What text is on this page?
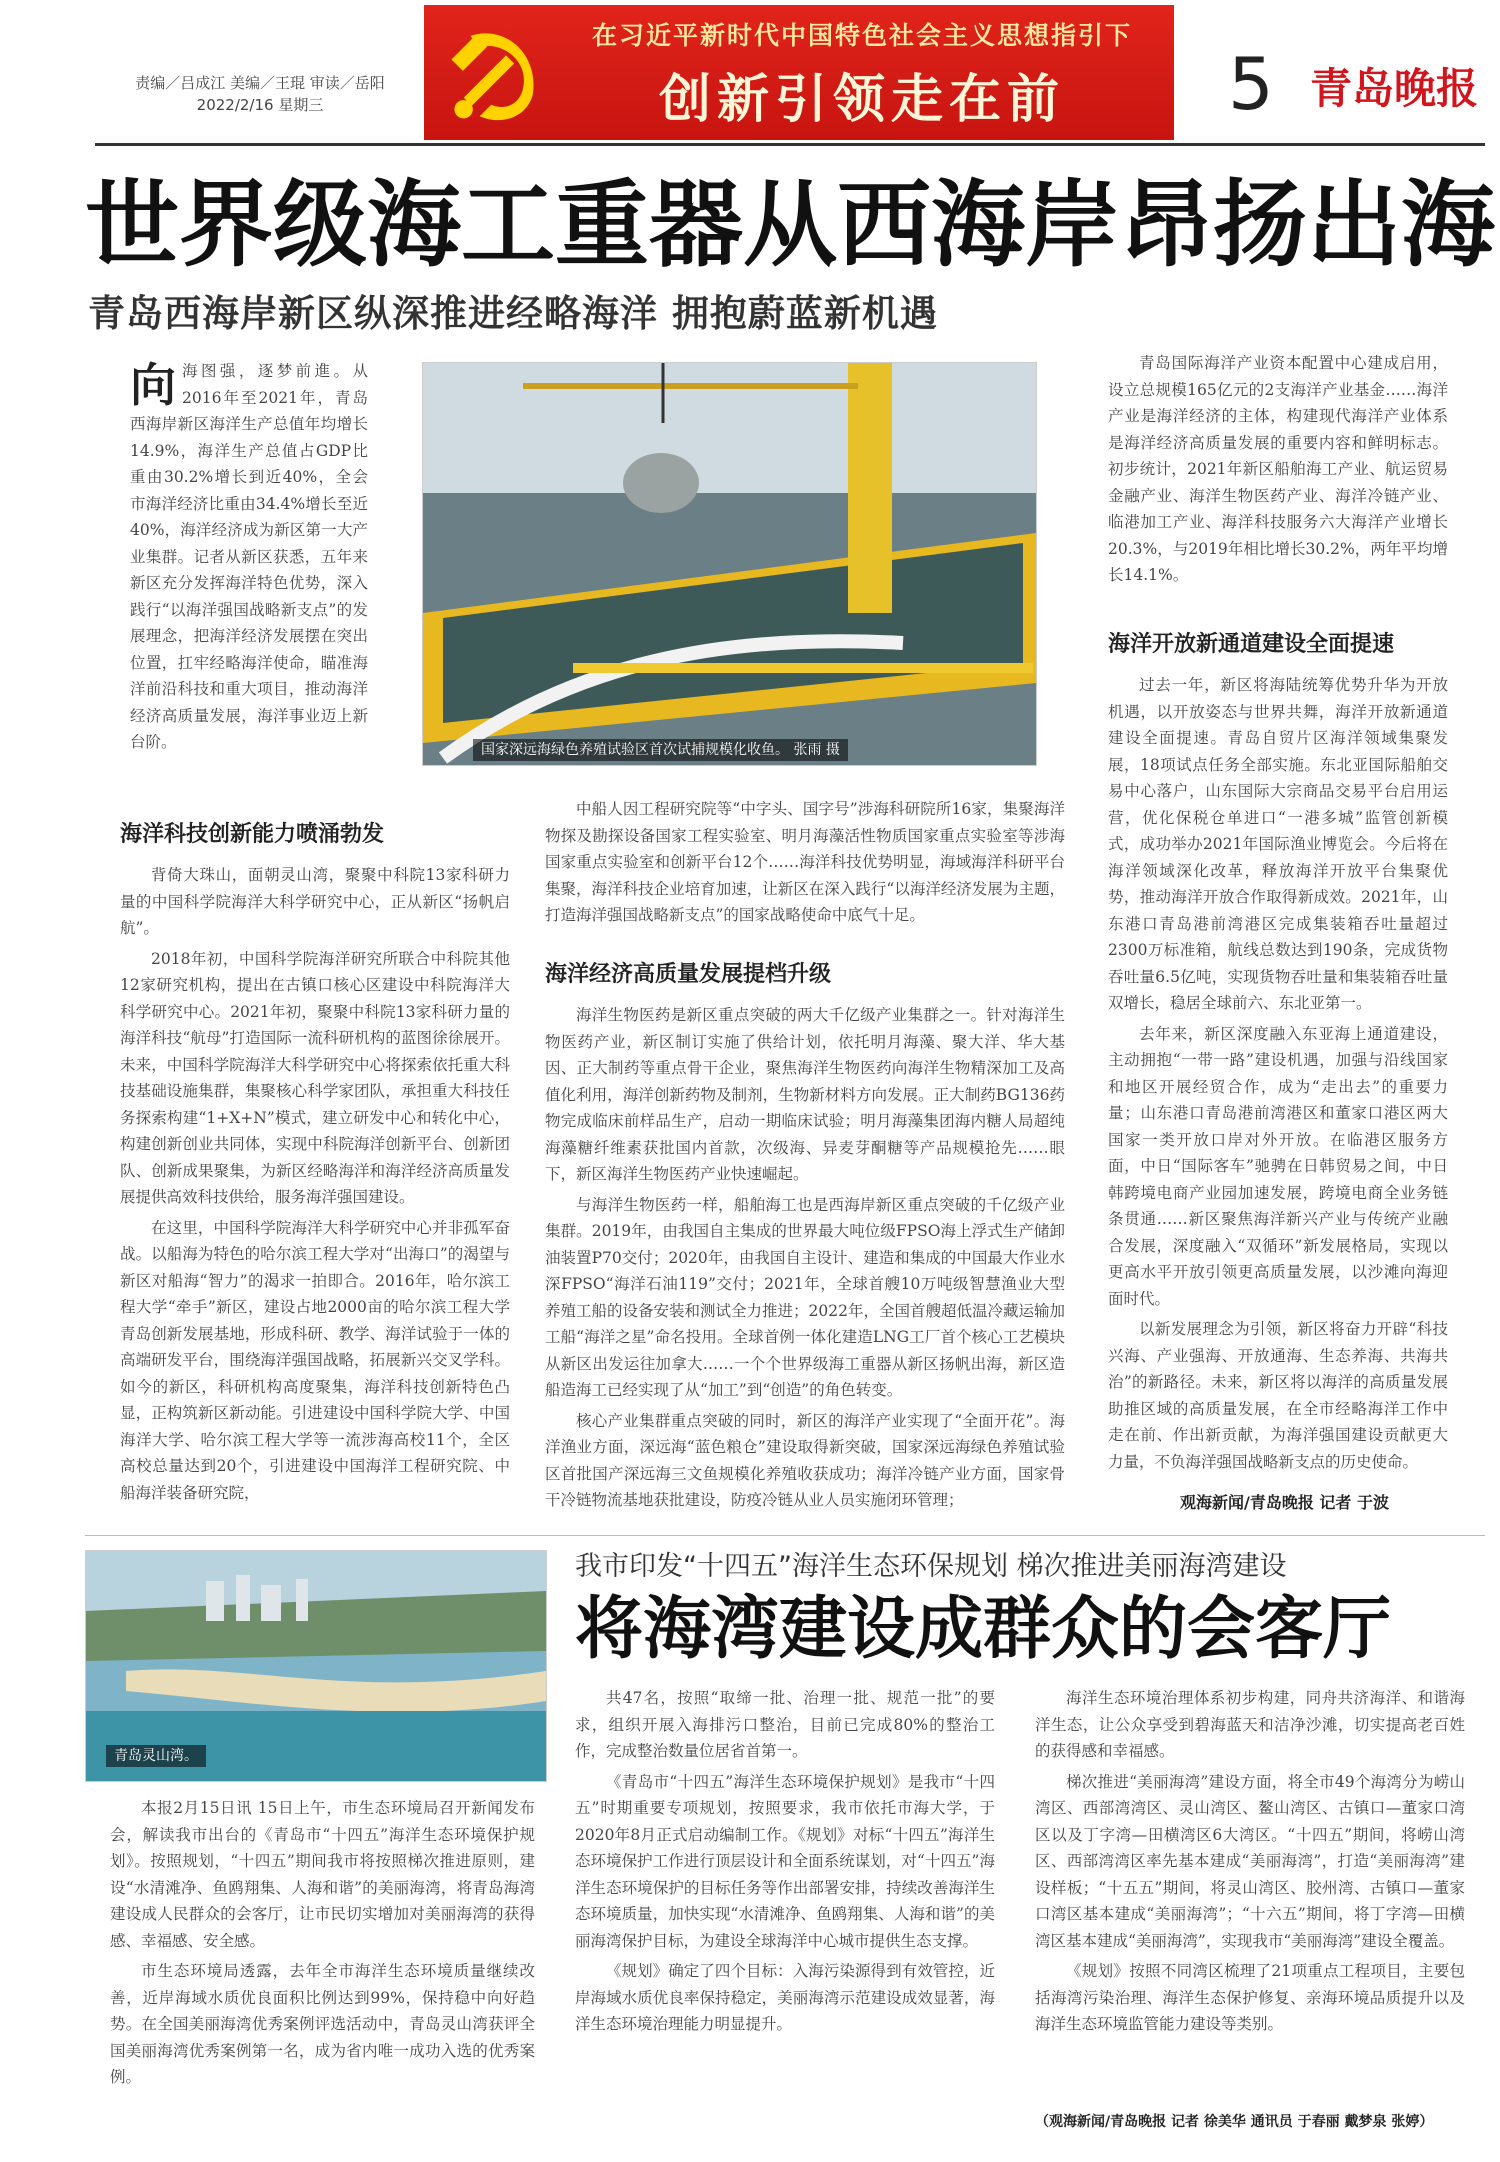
责编／吕成江 美编／王琨 审读／岳阳
2022/2/16 星期三
在习近平新时代中国特色社会主义思想指引下
创新引领走在前	5 青岛晚报
世界级海工重器从西海岸昂扬出海
青岛西海岸新区纵深推进经略海洋 拥抱蔚蓝新机遇
向海图强，逐梦前進。从2016年至2021年，青岛西海岸新区海洋生产总值年均增长14.9%，海洋生产总值占GDP比重由30.2%增长到近40%，全会市海洋经济比重由34.4%增长至近40%，海洋经济成为新区第一大产业集群。记者从新区获悉，五年来新区充分发挥海洋特色优势，深入践行“以海洋强国战略新支点”的发展理念，把海洋经济发展摆在突出位置，扛牢经略海洋使命，瞄准海洋前沿科技和重大项目，推动海洋经济高质量发展，海洋事业迈上新台阶。	国家深远海绿色养殖试验区首次试捕规模化收鱼。 张雨 摄
海洋科技创新能力喷涌勃发

背倚大珠山，面朝灵山湾，聚聚中科院13家科研力量的中国科学院海洋大科学研究中心，正从新区“扬帆启航”。

2018年初，中国科学院海洋研究所联合中科院其他12家研究机构，提出在古镇口核心区建设中科院海洋大科学研究中心。2021年初，聚聚中科院13家科研力量的海洋科技“航母”打造国际一流科研机构的蓝图徐徐展开。未来，中国科学院海洋大科学研究中心将探索依托重大科技基础设施集群，集聚核心科学家团队，承担重大科技任务探索构建“1+X+N”模式，建立研发中心和转化中心，构建创新创业共同体，实现中科院海洋创新平台、创新团队、创新成果聚集，为新区经略海洋和海洋经济高质量发展提供高效科技供给，服务海洋强国建设。

在这里，中国科学院海洋大科学研究中心并非孤军奋战。以船海为特色的哈尔滨工程大学对“出海口”的渴望与新区对船海“智力”的渴求一拍即合。2016年，哈尔滨工程大学“牵手”新区，建设占地2000亩的哈尔滨工程大学青岛创新发展基地，形成科研、教学、海洋试验于一体的高端研发平台，围绕海洋强国战略，拓展新兴交叉学科。如今的新区，科研机构高度聚集，海洋科技创新特色凸显，正构筑新区新动能。引进建设中国科学院大学、中国海洋大学、哈尔滨工程大学等一流涉海高校11个，全区高校总量达到20个，引进建设中国海洋工程研究院、中船海洋装备研究院，

中船人因工程研究院等“中字头、国字号”涉海科研院所16家，集聚海洋物探及勘探设备国家工程实验室、明月海藻活性物质国家重点实验室等涉海国家重点实验室和创新平台12个……海洋科技优势明显，海域海洋科研平台集聚，海洋科技企业培育加速，让新区在深入践行“以海洋经济发展为主题，打造海洋强国战略新支点”的国家战略使命中底气十足。

海洋经济高质量发展提档升级

海洋生物医药是新区重点突破的两大千亿级产业集群之一。针对海洋生物医药产业，新区制订实施了供给计划，依托明月海藻、聚大洋、华大基因、正大制药等重点骨干企业，聚焦海洋生物医药向海洋生物精深加工及高值化利用，海洋创新药物及制剂，生物新材料方向发展。正大制药BG136药物完成临床前样品生产，启动一期临床试验；明月海藻集团海内糖人局超纯海藻糖纤维素获批国内首款，次级海、异麦芽酮糖等产品规模抢先……眼下，新区海洋生物医药产业快速崛起。

与海洋生物医药一样，船舶海工也是西海岸新区重点突破的千亿级产业集群。2019年，由我国自主集成的世界最大吨位级FPSO海上浮式生产储卸油装置P70交付；2020年，由我国自主设计、建造和集成的中国最大作业水深FPSO“海洋石油119”交付；2021年，全球首艘10万吨级智慧渔业大型养殖工船的设备安装和测试全力推进；2022年，全国首艘超低温冷藏运输加工船“海洋之星”命名投用。全球首例一体化建造LNG工厂首个核心工艺模块从新区出发运往加拿大……一个个世界级海工重器从新区扬帆出海，新区造船造海工已经实现了从“加工”到“创造”的角色转变。

核心产业集群重点突破的同时，新区的海洋产业实现了“全面开花”。海洋渔业方面，深远海“蓝色粮仓”建设取得新突破，国家深远海绿色养殖试验区首批国产深远海三文鱼规模化养殖收获成功；海洋冷链产业方面，国家骨干冷链物流基地获批建设，防疫冷链从业人员实施闭环管理；

青岛国际海洋产业资本配置中心建成启用，设立总规模165亿元的2支海洋产业基金……海洋产业是海洋经济的主体，构建现代海洋产业体系是海洋经济高质量发展的重要内容和鲜明标志。初步统计，2021年新区船舶海工产业、航运贸易金融产业、海洋生物医药产业、海洋冷链产业、临港加工产业、海洋科技服务六大海洋产业增长20.3%，与2019年相比增长30.2%，两年平均增长14.1%。

海洋开放新通道建设全面提速

过去一年，新区将海陆统筹优势升华为开放机遇，以开放姿态与世界共舞，海洋开放新通道建设全面提速。青岛自贸片区海洋领域集聚发展，18项试点任务全部实施。东北亚国际船舶交易中心落户，山东国际大宗商品交易平台启用运营，优化保税仓单进口“一港多城”监管创新模式，成功举办2021年国际渔业博览会。今后将在海洋领域深化改革，释放海洋开放平台集聚优势，推动海洋开放合作取得新成效。2021年，山东港口青岛港前湾港区完成集装箱吞吐量超过2300万标准箱，航线总数达到190条，完成货物吞吐量6.5亿吨，实现货物吞吐量和集装箱吞吐量双增长，稳居全球前六、东北亚第一。

去年来，新区深度融入东亚海上通道建设，主动拥抱“一带一路”建设机遇，加强与沿线国家和地区开展经贸合作，成为“走出去”的重要力量；山东港口青岛港前湾港区和董家口港区两大国家一类开放口岸对外开放。在临港区服务方面，中日“国际客车”驰骋在日韩贸易之间，中日韩跨境电商产业园加速发展，跨境电商全业务链条贯通……新区聚焦海洋新兴产业与传统产业融合发展，深度融入“双循环”新发展格局，实现以更高水平开放引领更高质量发展，以沙滩向海迎面时代。

以新发展理念为引领，新区将奋力开辟“科技兴海、产业强海、开放通海、生态养海、共海共治”的新路径。未来，新区将以海洋的高质量发展助推区域的高质量发展，在全市经略海洋工作中走在前、作出新贡献，为海洋强国建设贡献更大力量，不负海洋强国战略新支点的历史使命。

观海新闻/青岛晚报 记者 于波
青岛灵山湾。
我市印发“十四五”海洋生态环保规划 梯次推进美丽海湾建设
将海湾建设成群众的会客厅

本报2月15日讯 15日上午，市生态环境局召开新闻发布会，解读我市出台的《青岛市“十四五”海洋生态环境保护规划》。按照规划，“十四五”期间我市将按照梯次推进原则，建设“水清滩净、鱼鸥翔集、人海和谐”的美丽海湾，将青岛海湾建设成人民群众的会客厅，让市民切实增加对美丽海湾的获得感、幸福感、安全感。

市生态环境局透露，去年全市海洋生态环境质量继续改善，近岸海域水质优良面积比例达到99%，保持稳中向好趋势。在全国美丽海湾优秀案例评选活动中，青岛灵山湾获评全国美丽海湾优秀案例第一名，成为省内唯一成功入选的优秀案例。

共47名，按照“取缔一批、治理一批、规范一批”的要求，组织开展入海排污口整治，目前已完成80%的整治工作，完成整治数量位居省首第一。

《青岛市“十四五”海洋生态环境保护规划》是我市“十四五”时期重要专项规划，按照要求，我市依托市海大学，于2020年8月正式启动编制工作。《规划》对标“十四五”海洋生态环境保护工作进行顶层设计和全面系统谋划，对“十四五”海洋生态环境保护的目标任务等作出部署安排，持续改善海洋生态环境质量，加快实现“水清滩净、鱼鸥翔集、人海和谐”的美丽海湾保护目标，为建设全球海洋中心城市提供生态支撑。

《规划》确定了四个目标：入海污染源得到有效管控，近岸海域水质优良率保持稳定，美丽海湾示范建设成效显著，海洋生态环境治理能力明显提升。

海洋生态环境治理体系初步构建，同舟共济海洋、和谐海洋生态，让公众享受到碧海蓝天和洁净沙滩，切实提高老百姓的获得感和幸福感。

梯次推进“美丽海湾”建设方面，将全市49个海湾分为崂山湾区、西部湾湾区、灵山湾区、鳌山湾区、古镇口—董家口湾区以及丁字湾—田横湾区6大湾区。“十四五”期间，将崂山湾区、西部湾湾区率先基本建成“美丽海湾”，打造“美丽海湾”建设样板；“十五五”期间，将灵山湾区、胶州湾、古镇口—董家口湾区基本建成“美丽海湾”；“十六五”期间，将丁字湾—田横湾区基本建成“美丽海湾”，实现我市“美丽海湾”建设全覆盖。

《规划》按照不同湾区梳理了21项重点工程项目，主要包括海湾污染治理、海洋生态保护修复、亲海环境品质提升以及海洋生态环境监管能力建设等类别。

（观海新闻/青岛晚报 记者 徐美华 通讯员 于春丽 戴梦泉 张婷）
